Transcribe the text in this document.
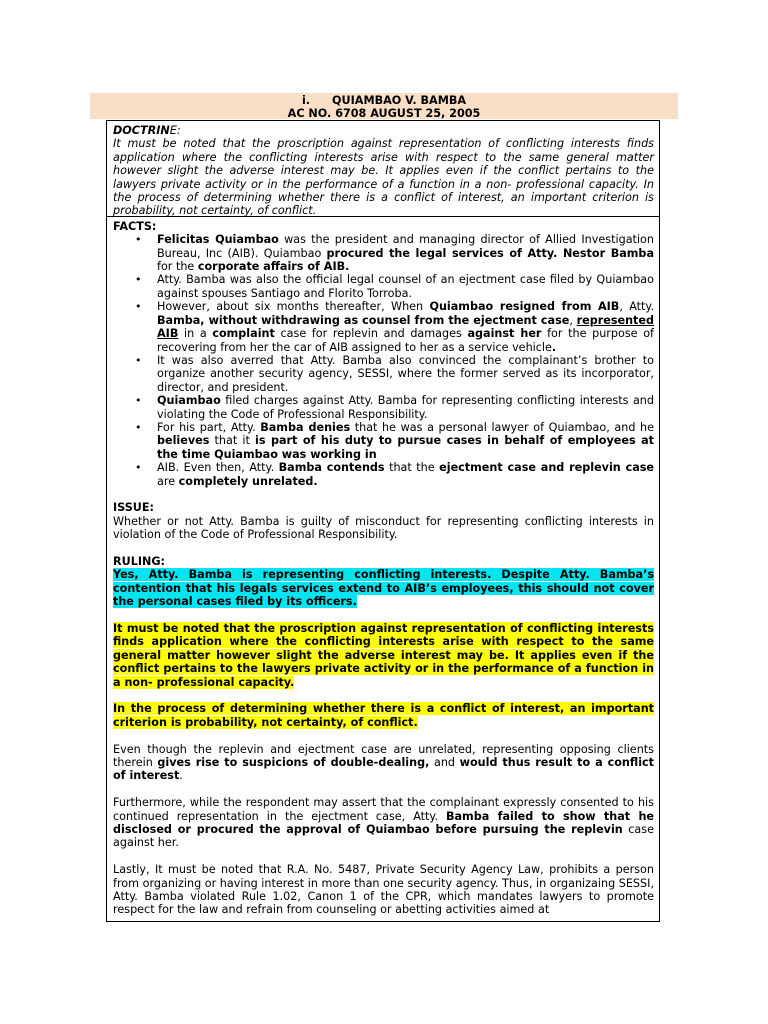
i. QUIAMBAO V. BAMBA
AC NO. 6708 AUGUST 25, 2005

DOCTRINE:

It must be noted that the proscription against representation of conflicting interests finds application where the conflicting interests arise with respect to the same general matter however slight the adverse interest may be. It applies even if the conflict pertains to the lawyers private activity or in the performance of a function in a non- professional capacity. In the process of determining whether there is a conflict of interest, an important criterion is probability, not certainty, of conflict.

FACTS:

• Felicitas Quiambao was the president and managing director of Allied Investigation Bureau, Inc (AIB). Quiambao procured the legal services of Atty. Nestor Bamba for the corporate affairs of AIB.
• Atty. Bamba was also the official legal counsel of an ejectment case filed by Quiambao against spouses Santiago and Florito Torroba.
• However, about six months thereafter, When Quiambao resigned from AIB, Atty. Bamba, without withdrawing as counsel from the ejectment case, represented AIB in a complaint case for replevin and damages against her for the purpose of recovering from her the car of AIB assigned to her as a service vehicle.
• It was also averred that Atty. Bamba also convinced the complainant’s brother to organize another security agency, SESSI, where the former served as its incorporator, director, and president.
• Quiambao filed charges against Atty. Bamba for representing conflicting interests and violating the Code of Professional Responsibility.
• For his part, Atty. Bamba denies that he was a personal lawyer of Quiambao, and he believes that it is part of his duty to pursue cases in behalf of employees at the time Quiambao was working in
• AIB. Even then, Atty. Bamba contends that the ejectment case and replevin case are completely unrelated.

ISSUE:

Whether or not Atty. Bamba is guilty of misconduct for representing conflicting interests in violation of the Code of Professional Responsibility.

RULING:

Yes, Atty. Bamba is representing conflicting interests. Despite Atty. Bamba’s contention that his legals services extend to AIB’s employees, this should not cover the personal cases filed by its officers.

It must be noted that the proscription against representation of conflicting interests finds application where the conflicting interests arise with respect to the same general matter however slight the adverse interest may be. It applies even if the conflict pertains to the lawyers private activity or in the performance of a function in a non- professional capacity.

In the process of determining whether there is a conflict of interest, an important criterion is probability, not certainty, of conflict.

Even though the replevin and ejectment case are unrelated, representing opposing clients therein gives rise to suspicions of double-dealing, and would thus result to a conflict of interest.

Furthermore, while the respondent may assert that the complainant expressly consented to his continued representation in the ejectment case, Atty. Bamba failed to show that he disclosed or procured the approval of Quiambao before pursuing the replevin case against her.

Lastly, It must be noted that R.A. No. 5487, Private Security Agency Law, prohibits a person from organizing or having interest in more than one security agency. Thus, in organizaing SESSI, Atty. Bamba violated Rule 1.02, Canon 1 of the CPR, which mandates lawyers to promote respect for the law and refrain from counseling or abetting activities aimed at
